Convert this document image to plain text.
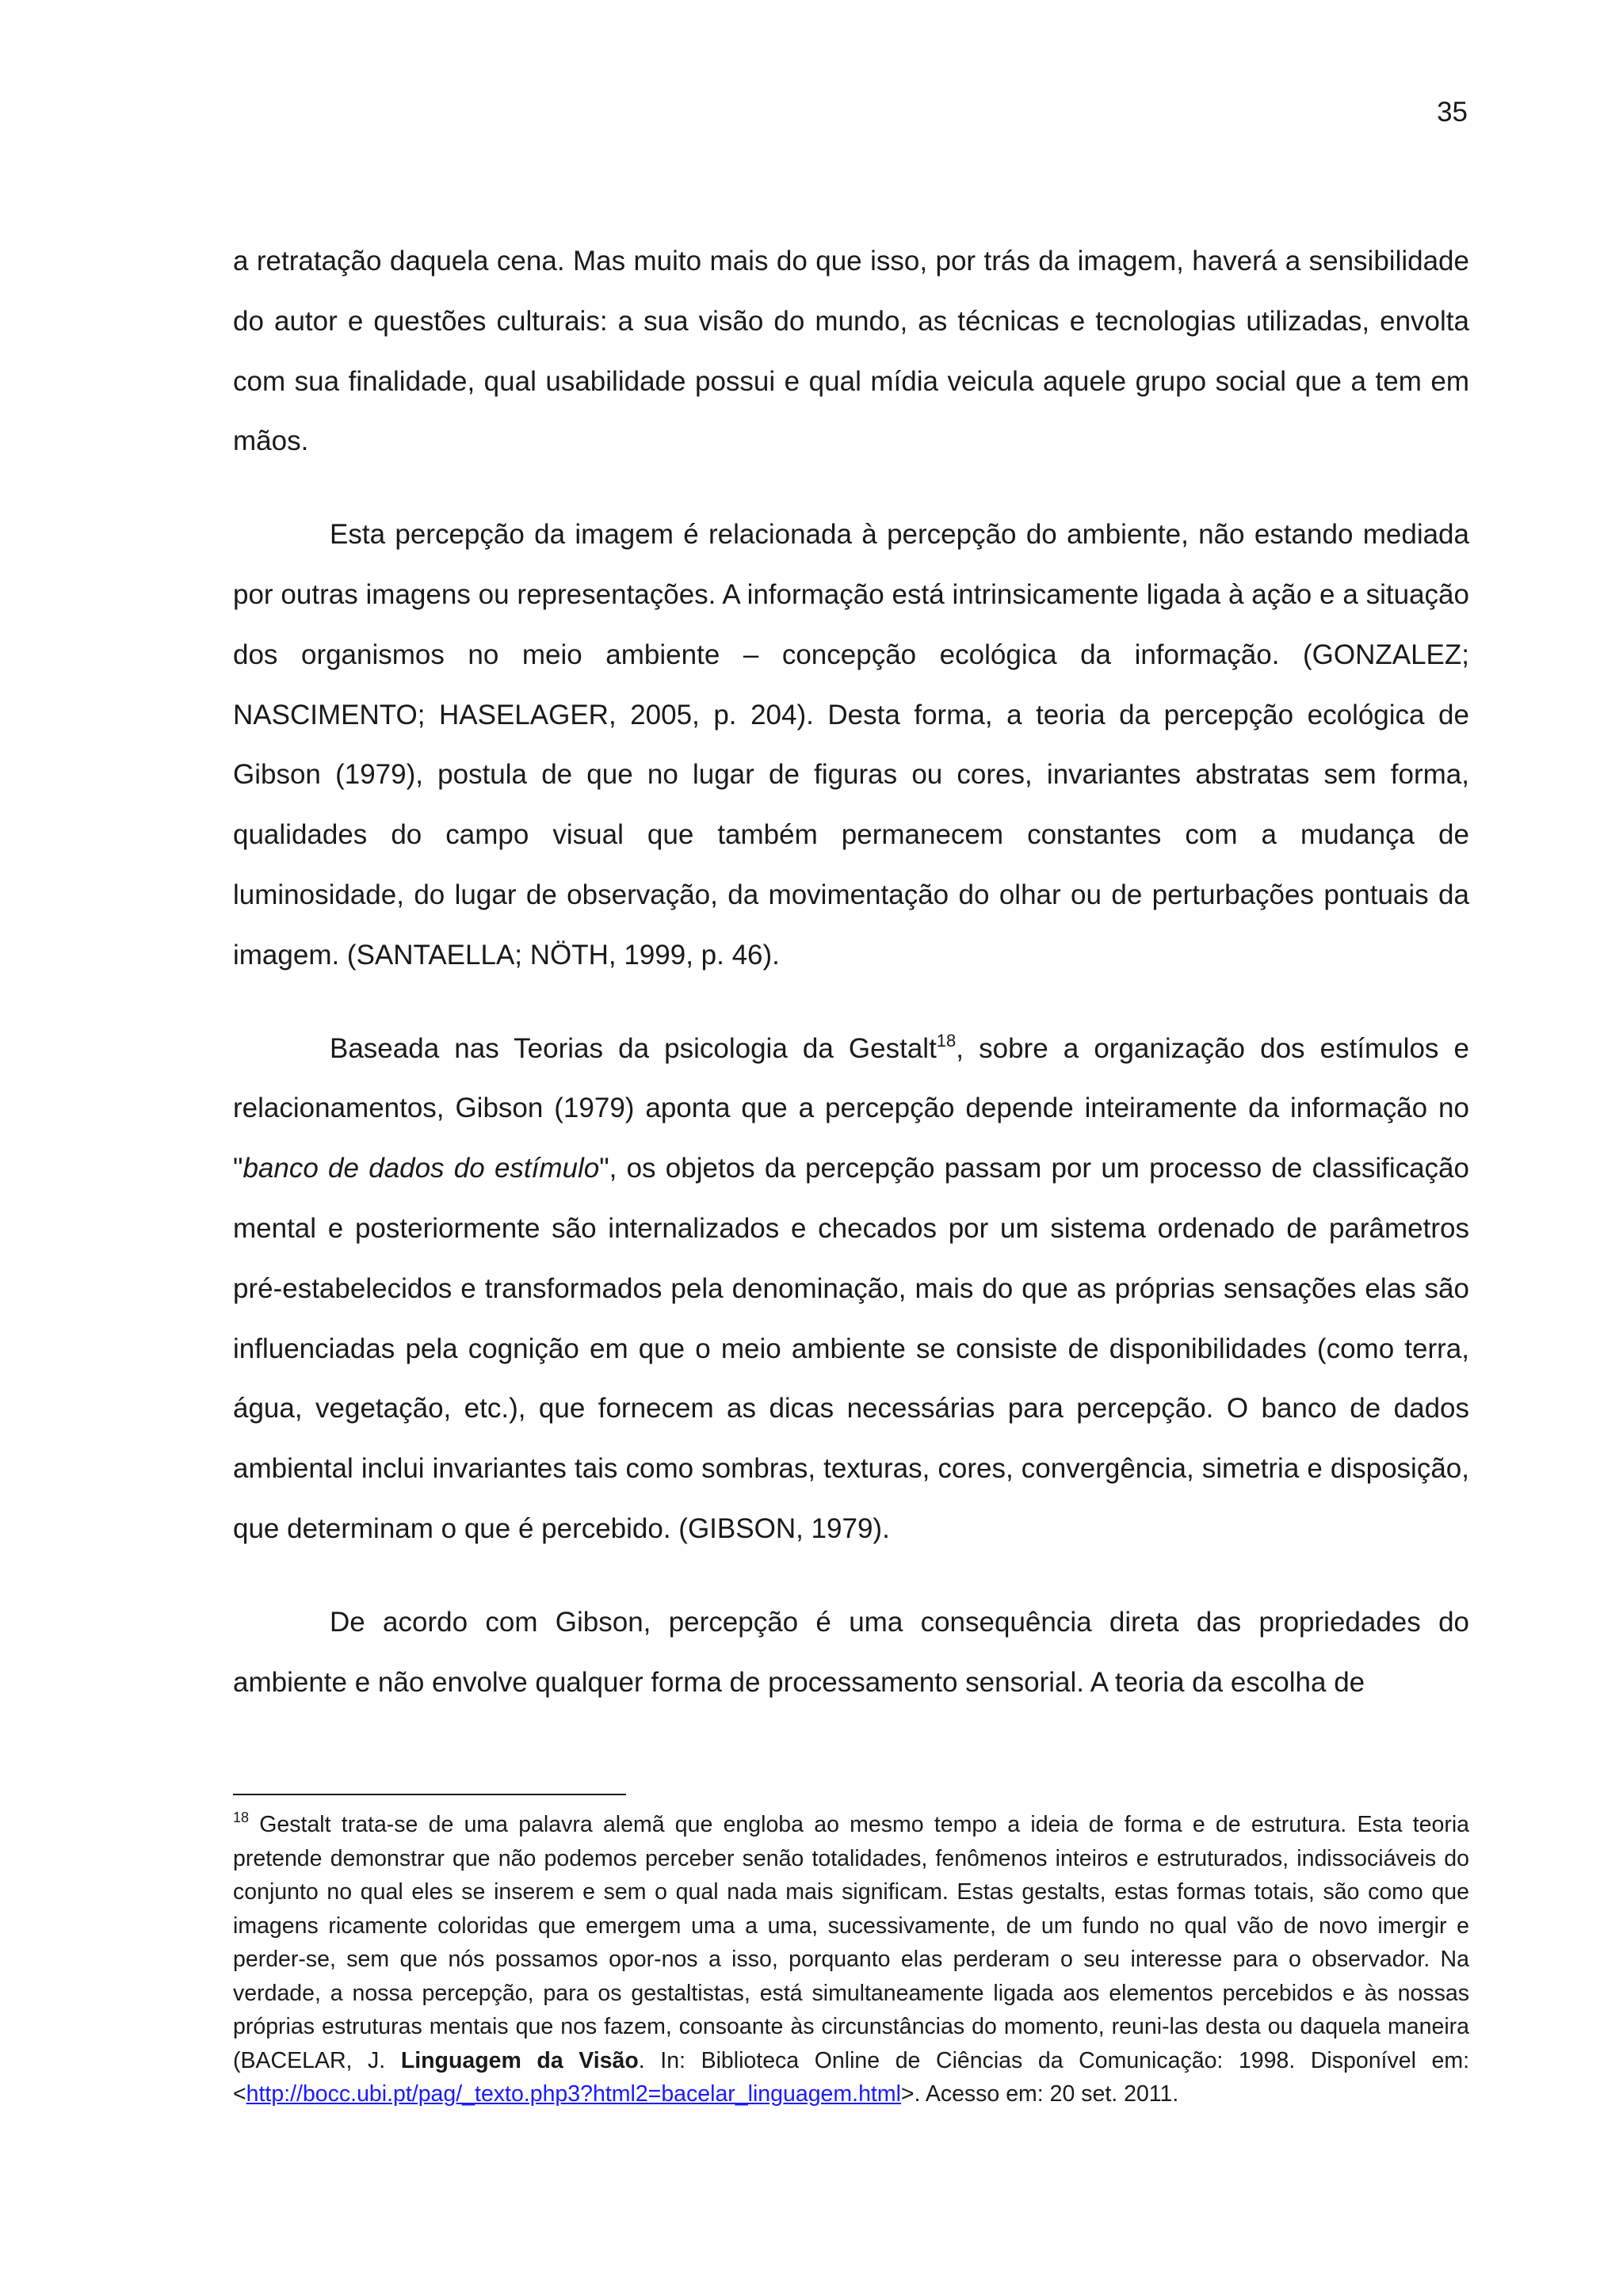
35

a retratação daquela cena. Mas muito mais do que isso, por trás da imagem, haverá a sensibilidade do autor e questões culturais: a sua visão do mundo, as técnicas e tecnologias utilizadas, envolta com sua finalidade, qual usabilidade possui e qual mídia veicula aquele grupo social que a tem em mãos.

Esta percepção da imagem é relacionada à percepção do ambiente, não estando mediada por outras imagens ou representações. A informação está intrinsicamente ligada à ação e a situação dos organismos no meio ambiente – concepção ecológica da informação. (GONZALEZ; NASCIMENTO; HASELAGER, 2005, p. 204). Desta forma, a teoria da percepção ecológica de Gibson (1979), postula de que no lugar de figuras ou cores, invariantes abstratas sem forma, qualidades do campo visual que também permanecem constantes com a mudança de luminosidade, do lugar de observação, da movimentação do olhar ou de perturbações pontuais da imagem. (SANTAELLA; NÖTH, 1999, p. 46).

Baseada nas Teorias da psicologia da Gestalt$^{18}$, sobre a organização dos estímulos e relacionamentos, Gibson (1979) aponta que a percepção depende inteiramente da informação no "banco de dados do estímulo", os objetos da percepção passam por um processo de classificação mental e posteriormente são internalizados e checados por um sistema ordenado de parâmetros pré-estabelecidos e transformados pela denominação, mais do que as próprias sensações elas são influenciadas pela cognição em que o meio ambiente se consiste de disponibilidades (como terra, água, vegetação, etc.), que fornecem as dicas necessárias para percepção. O banco de dados ambiental inclui invariantes tais como sombras, texturas, cores, convergência, simetria e disposição, que determinam o que é percebido. (GIBSON, 1979).

De acordo com Gibson, percepção é uma consequência direta das propriedades do ambiente e não envolve qualquer forma de processamento sensorial. A teoria da escolha de

$^{18}$ Gestalt trata-se de uma palavra alemã que engloba ao mesmo tempo a ideia de forma e de estrutura. Esta teoria pretende demonstrar que não podemos perceber senão totalidades, fenômenos inteiros e estruturados, indissociáveis do conjunto no qual eles se inserem e sem o qual nada mais significam. Estas gestalts, estas formas totais, são como que imagens ricamente coloridas que emergem uma a uma, sucessivamente, de um fundo no qual vão de novo imergir e perder-se, sem que nós possamos opor-nos a isso, porquanto elas perderam o seu interesse para o observador. Na verdade, a nossa percepção, para os gestaltistas, está simultaneamente ligada aos elementos percebidos e às nossas próprias estruturas mentais que nos fazem, consoante às circunstâncias do momento, reuni-las desta ou daquela maneira (BACELAR, J. Linguagem da Visão. In: Biblioteca Online de Ciências da Comunicação: 1998. Disponível em: <http://bocc.ubi.pt/pag/_texto.php3?html2=bacelar_linguagem.html>. Acesso em: 20 set. 2011.
